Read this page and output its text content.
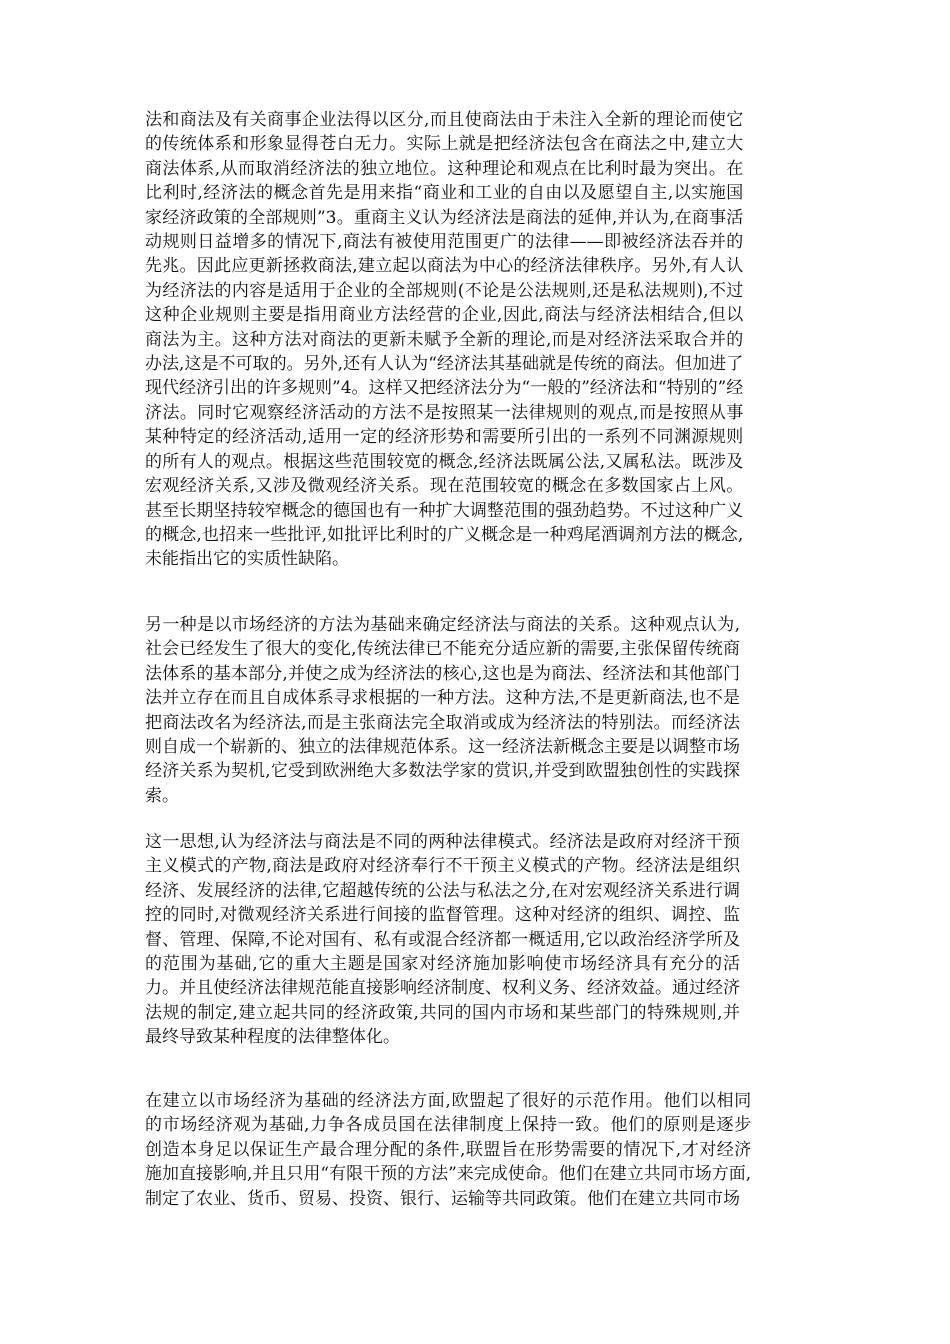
法和商法及有关商事企业法得以区分,而且使商法由于未注入全新的理论而使它
的传统体系和形象显得苍白无力。实际上就是把经济法包含在商法之中,建立大
商法体系,从而取消经济法的独立地位。这种理论和观点在比利时最为突出。在
比利时,经济法的概念首先是用来指“商业和工业的自由以及愿望自主,以实施国
家经济政策的全部规则”3。重商主义认为经济法是商法的延伸,并认为,在商事活
动规则日益增多的情况下,商法有被使用范围更广的法律——即被经济法吞并的
先兆。因此应更新拯救商法,建立起以商法为中心的经济法律秩序。另外,有人认
为经济法的内容是适用于企业的全部规则(不论是公法规则,还是私法规则),不过
这种企业规则主要是指用商业方法经营的企业,因此,商法与经济法相结合,但以
商法为主。这种方法对商法的更新未赋予全新的理论,而是对经济法采取合并的
办法,这是不可取的。另外,还有人认为“经济法其基础就是传统的商法。但加进了
现代经济引出的许多规则”4。这样又把经济法分为“一般的”经济法和“特别的”经
济法。同时它观察经济活动的方法不是按照某一法律规则的观点,而是按照从事
某种特定的经济活动,适用一定的经济形势和需要所引出的一系列不同渊源规则
的所有人的观点。根据这些范围较宽的概念,经济法既属公法,又属私法。既涉及
宏观经济关系,又涉及微观经济关系。现在范围较宽的概念在多数国家占上风。
甚至长期坚持较窄概念的德国也有一种扩大调整范围的强劲趋势。不过这种广义
的概念,也招来一些批评,如批评比利时的广义概念是一种鸡尾酒调剂方法的概念,
未能指出它的实质性缺陷。
另一种是以市场经济的方法为基础来确定经济法与商法的关系。这种观点认为,
社会已经发生了很大的变化,传统法律已不能充分适应新的需要,主张保留传统商
法体系的基本部分,并使之成为经济法的核心,这也是为商法、经济法和其他部门
法并立存在而且自成体系寻求根据的一种方法。这种方法,不是更新商法,也不是
把商法改名为经济法,而是主张商法完全取消或成为经济法的特别法。而经济法
则自成一个崭新的、独立的法律规范体系。这一经济法新概念主要是以调整市场
经济关系为契机,它受到欧洲绝大多数法学家的赏识,并受到欧盟独创性的实践探
索。
这一思想,认为经济法与商法是不同的两种法律模式。经济法是政府对经济干预
主义模式的产物,商法是政府对经济奉行不干预主义模式的产物。经济法是组织
经济、发展经济的法律,它超越传统的公法与私法之分,在对宏观经济关系进行调
控的同时,对微观经济关系进行间接的监督管理。这种对经济的组织、调控、监
督、管理、保障,不论对国有、私有或混合经济都一概适用,它以政治经济学所及
的范围为基础,它的重大主题是国家对经济施加影响使市场经济具有充分的活
力。并且使经济法律规范能直接影响经济制度、权利义务、经济效益。通过经济
法规的制定,建立起共同的经济政策,共同的国内市场和某些部门的特殊规则,并
最终导致某种程度的法律整体化。
在建立以市场经济为基础的经济法方面,欧盟起了很好的示范作用。他们以相同
的市场经济观为基础,力争各成员国在法律制度上保持一致。他们的原则是逐步
创造本身足以保证生产最合理分配的条件,联盟旨在形势需要的情况下,才对经济
施加直接影响,并且只用“有限干预的方法”来完成使命。他们在建立共同市场方面,
制定了农业、货币、贸易、投资、银行、运输等共同政策。他们在建立共同市场
